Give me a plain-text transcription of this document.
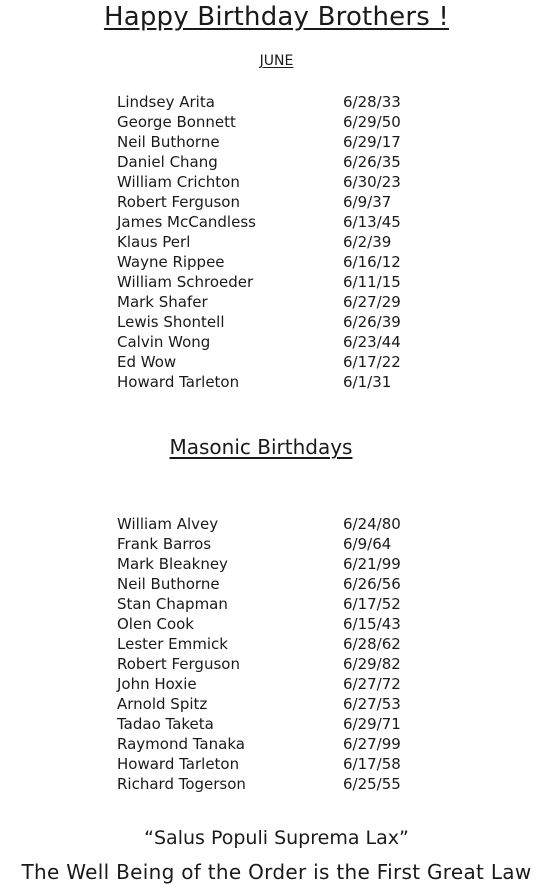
Happy Birthday Brothers !
JUNE
Lindsey Arita	6/28/33
George Bonnett	6/29/50
Neil Buthorne	6/29/17
Daniel Chang	6/26/35
William Crichton	6/30/23
Robert Ferguson	6/9/37
James McCandless	6/13/45
Klaus Perl	6/2/39
Wayne Rippee	6/16/12
William Schroeder	6/11/15
Mark Shafer	6/27/29
Lewis Shontell	6/26/39
Calvin Wong	6/23/44
Ed Wow	6/17/22
Howard Tarleton	6/1/31
Masonic Birthdays
William Alvey	6/24/80
Frank Barros	6/9/64
Mark Bleakney	6/21/99
Neil Buthorne	6/26/56
Stan Chapman	6/17/52
Olen Cook	6/15/43
Lester Emmick	6/28/62
Robert Ferguson	6/29/82
John Hoxie	6/27/72
Arnold Spitz	6/27/53
Tadao Taketa	6/29/71
Raymond Tanaka	6/27/99
Howard Tarleton	6/17/58
Richard Togerson	6/25/55
“Salus Populi Suprema Lax”
The Well Being of the Order is the First Great Law
